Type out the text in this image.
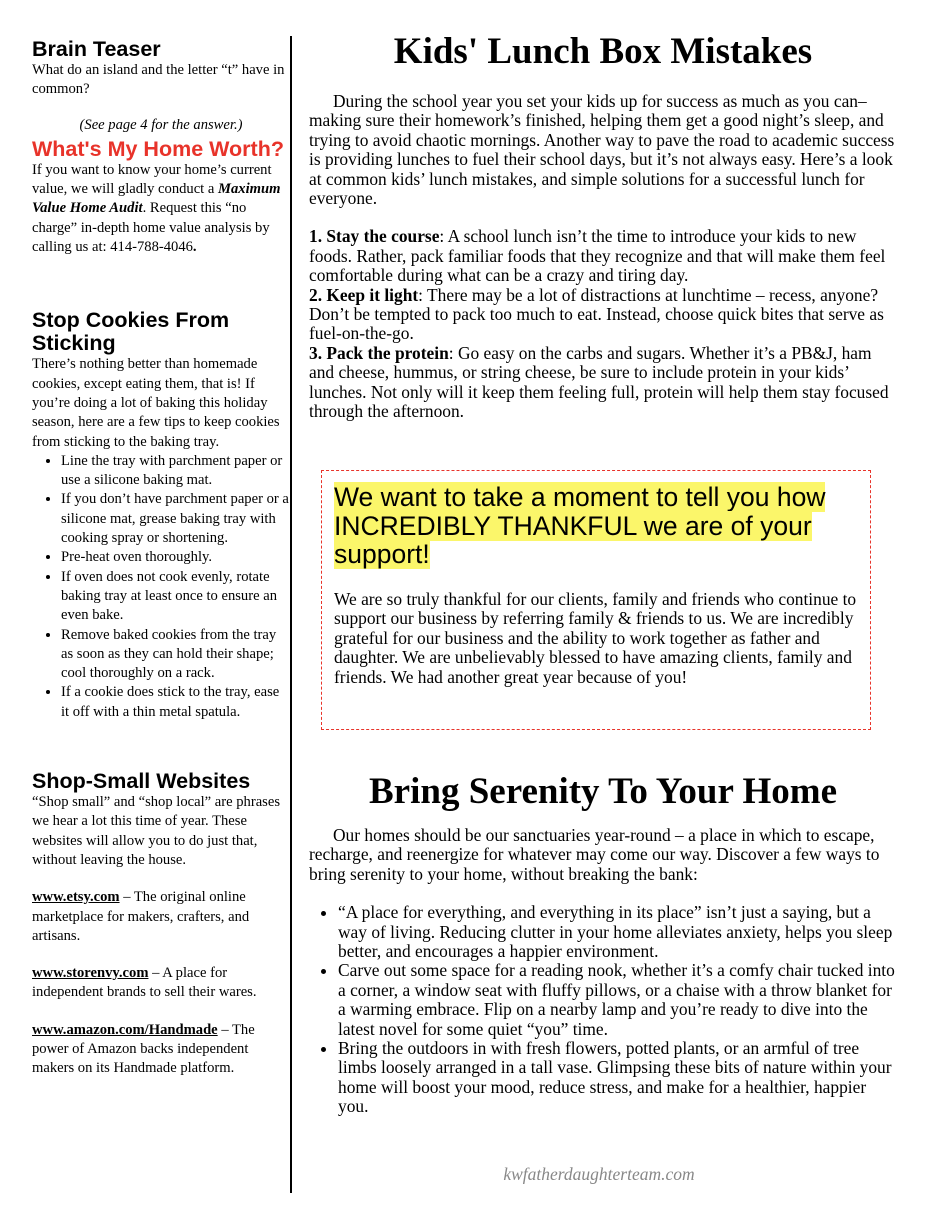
Brain Teaser

What do an island and the letter “t” have in common?

(See page 4 for the answer.)

What's My Home Worth?

If you want to know your home’s current value, we will gladly conduct a Maximum Value Home Audit. Request this “no charge” in-depth home value analysis by calling us at: 414-788-4046.

Stop Cookies From Sticking

There’s nothing better than homemade cookies, except eating them, that is! If you’re doing a lot of baking this holiday season, here are a few tips to keep cookies from sticking to the baking tray.

• Line the tray with parchment paper or use a silicone baking mat.
• If you don’t have parchment paper or a silicone mat, grease baking tray with cooking spray or shortening.
• Pre-heat oven thoroughly.
• If oven does not cook evenly, rotate baking tray at least once to ensure an even bake.
• Remove baked cookies from the tray as soon as they can hold their shape; cool thoroughly on a rack.
• If a cookie does stick to the tray, ease it off with a thin metal spatula.
Shop-Small Websites

“Shop small” and “shop local” are phrases we hear a lot this time of year. These websites will allow you to do just that, without leaving the house.

www.etsy.com – The original online marketplace for makers, crafters, and artisans.

www.storenvy.com – A place for independent brands to sell their wares.

www.amazon.com/Handmade – The power of Amazon backs independent makers on its Handmade platform.

Kids' Lunch Box Mistakes

During the school year you set your kids up for success as much as you can–making sure their homework’s finished, helping them get a good night’s sleep, and trying to avoid chaotic mornings. Another way to pave the road to academic success is providing lunches to fuel their school days, but it’s not always easy. Here’s a look at common kids’ lunch mistakes, and simple solutions for a successful lunch for everyone.

1. Stay the course: A school lunch isn’t the time to introduce your kids to new foods. Rather, pack familiar foods that they recognize and that will make them feel comfortable during what can be a crazy and tiring day.

2. Keep it light: There may be a lot of distractions at lunchtime – recess, anyone? Don’t be tempted to pack too much to eat. Instead, choose quick bites that serve as fuel-on-the-go.

3. Pack the protein: Go easy on the carbs and sugars. Whether it’s a PB&J, ham and cheese, hummus, or string cheese, be sure to include protein in your kids’ lunches. Not only will it keep them feeling full, protein will help them stay focused through the afternoon.

We want to take a moment to tell you how INCREDIBLY THANKFUL we are of your support!

We are so truly thankful for our clients, family and friends who continue to support our business by referring family & friends to us. We are incredibly grateful for our business and the ability to work together as father and daughter. We are unbelievably blessed to have amazing clients, family and friends. We had another great year because of you!

Bring Serenity To Your Home

Our homes should be our sanctuaries year-round – a place in which to escape, recharge, and reenergize for whatever may come our way. Discover a few ways to bring serenity to your home, without breaking the bank:

• “A place for everything, and everything in its place” isn’t just a saying, but a way of living. Reducing clutter in your home alleviates anxiety, helps you sleep better, and encourages a happier environment.
• Carve out some space for a reading nook, whether it’s a comfy chair tucked into a corner, a window seat with fluffy pillows, or a chaise with a throw blanket for a warming embrace. Flip on a nearby lamp and you’re ready to dive into the latest novel for some quiet “you” time.
• Bring the outdoors in with fresh flowers, potted plants, or an armful of tree limbs loosely arranged in a tall vase. Glimpsing these bits of nature within your home will boost your mood, reduce stress, and make for a healthier, happier you.
kwfatherdaughterteam.com
